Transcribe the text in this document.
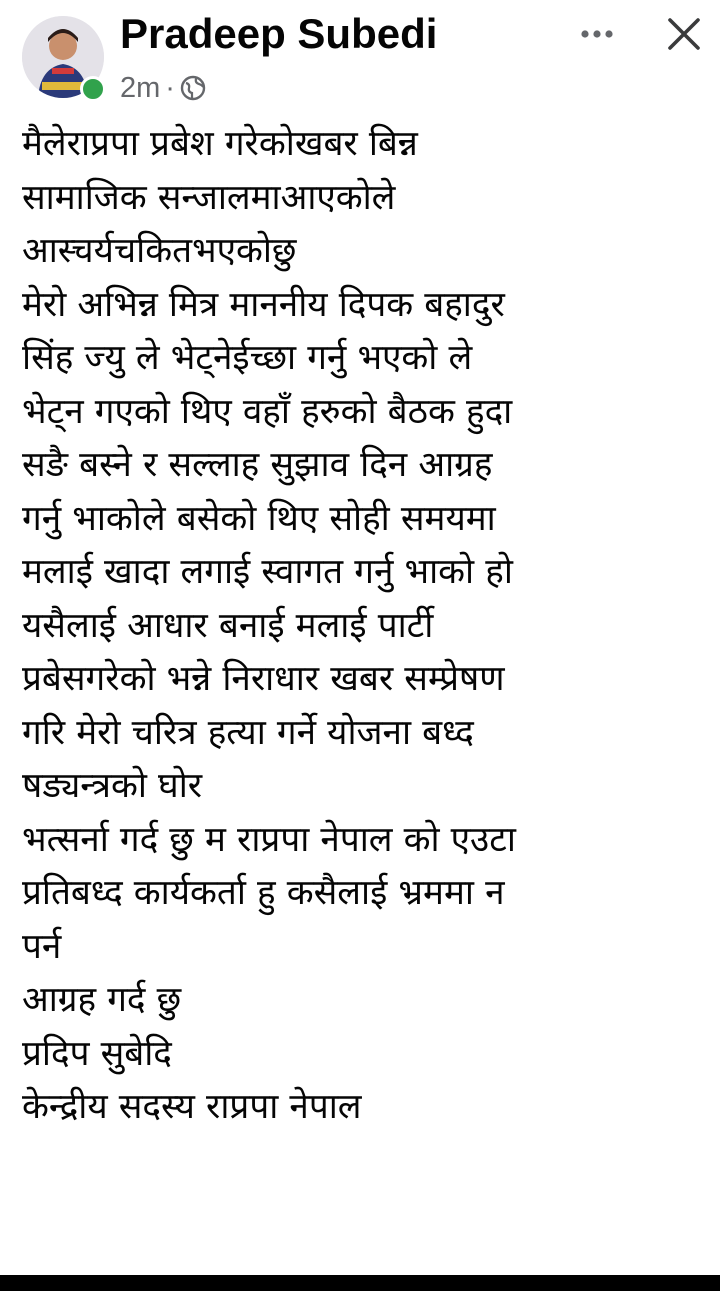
Pradeep Subedi
2m ·
मैलेराप्रपा प्रबेश गरेकोखबर बिन्न
सामाजिक सन्जालमाआएकोले
आस्चर्यचकितभएकोछु
मेरो अभिन्न मित्र माननीय दिपक बहादुर
सिंह ज्यु ले भेट्नेईच्छा गर्नु भएको ले
भेट्न गएको थिए वहाँ हरुको बैठक हुदा
सङै बस्ने र सल्लाह सुझाव दिन आग्रह
गर्नु भाकोले बसेको थिए सोही समयमा
मलाई खादा लगाई स्वागत गर्नु भाको हो
यसैलाई आधार बनाई मलाई पार्टी
प्रबेसगरेको भन्ने निराधार खबर सम्प्रेषण
गरि मेरो चरित्र हत्या गर्ने योजना बध्द
षड्यन्त्रको घोर
भत्सर्ना गर्द छु म राप्रपा नेपाल को एउटा
प्रतिबध्द कार्यकर्ता हु कसैलाई भ्रममा न
पर्न
आग्रह गर्द छु
प्रदिप सुबेदि
केन्द्रीय सदस्य राप्रपा नेपाल
